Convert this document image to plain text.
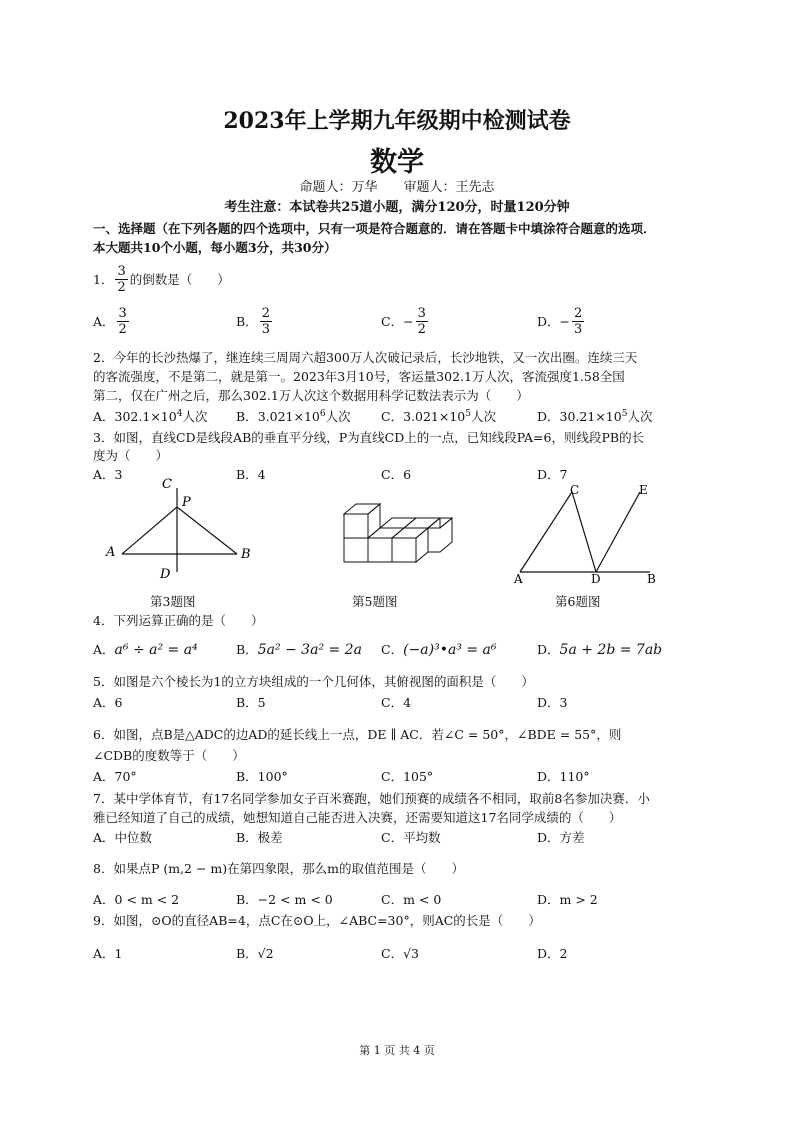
2023年上学期九年级期中检测试卷
数学
命题人：万华　　审题人：王先志
考生注意：本试卷共25道小题，满分120分，时量120分钟
一、选择题（在下列各题的四个选项中，只有一项是符合题意的．请在答题卡中填涂符合题意的选项．
本大题共10个小题，每小题3分，共30分）
1． $\frac{3}{2}$ 的倒数是（　　）
A． $\frac{3}{2}$	B． $\frac{2}{3}$	C． − $\frac{3}{2}$	D． − $\frac{2}{3}$
2．今年的长沙热爆了，继连续三周周六超300万人次破记录后，长沙地铁，又一次出圈。连续三天
的客流强度，不是第二，就是第一。2023年3月10号，客运量302.1万人次，客流强度1.58全国
第二，仅在广州之后，那么302.1万人次这个数据用科学记数法表示为（　　）
A．$302.1\times 10^4$人次 B．$3.021\times 10^6$人次 C．$3.021\times 10^5$人次	D．$30.21\times 10^5$人次
3．如图，直线CD是线段AB的垂直平分线，P为直线CD上的一点，已知线段PA=6，则线段PB的长
度为（　　）
A．3	B．4	C．6	D．7
C
P
A	B
D
第3题图	第5题图
C	E
A	D	B
第6题图
4．下列运算正确的是（　　）
A．a⁶ ÷ a² = a⁴	B．5a² − 3a² = 2a C．(−a)³•a³ = a⁶	D．5a + 2b = 7ab
5．如图是六个棱长为1的立方块组成的一个几何体，其俯视图的面积是（　　）
A．6	B．5	C．4	D．3
6．如图，点B是△ADC的边AD的延长线上一点，DE ∥ AC．若∠C = 50°，∠BDE = 55°，则
∠CDB的度数等于（　　）
A．70°	B．100°	C．105°	D．110°
7．某中学体育节，有17名同学参加女子百米赛跑，她们预赛的成绩各不相同，取前8名参加决赛．小
雅已经知道了自己的成绩，她想知道自己能否进入决赛，还需要知道这17名同学成绩的（　　）
A．中位数	B．极差	C．平均数	D．方差
8．如果点P (m,2 − m)在第四象限，那么m的取值范围是（　　）
A．0 < m < 2	B．−2 < m < 0	C．m < 0	D．m > 2
9．如图，⊙O的直径AB=4，点C在⊙O上，∠ABC=30°，则AC的长是（　　）
A．1	B．√2	C．√3	D．2
第 1 页 共 4 页
